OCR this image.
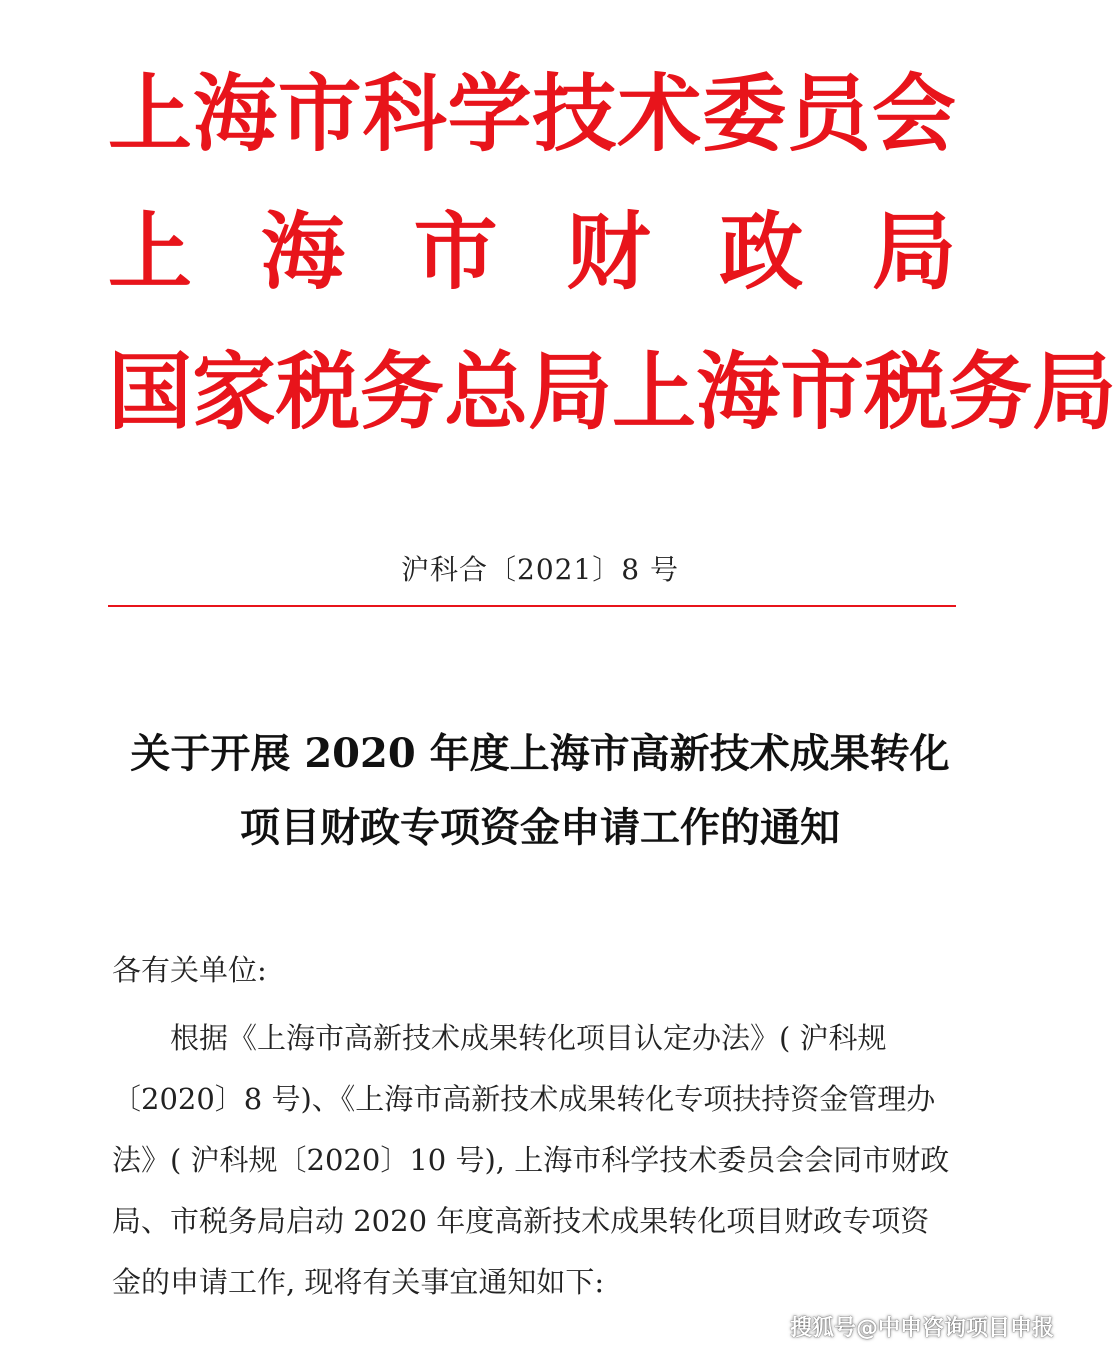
上 海 市 科 学 技 术 委 员 会
上 海 市 财 政 局
国 家 税 务 总 局 上 海 市 税 务 局
沪科合〔2021〕8 号
关于开展 2020 年度上海市高新技术成果转化
项目财政专项资金申请工作的通知
各有关单位:
根据《上海市高新技术成果转化项目认定办法》( 沪科规
〔2020〕8 号)、《上海市高新技术成果转化专项扶持资金管理办
法》( 沪科规〔2020〕10 号), 上海市科学技术委员会会同市财政
局、市税务局启动 2020 年度高新技术成果转化项目财政专项资
金的申请工作, 现将有关事宜通知如下:
搜狐号@中申咨询项目申报
